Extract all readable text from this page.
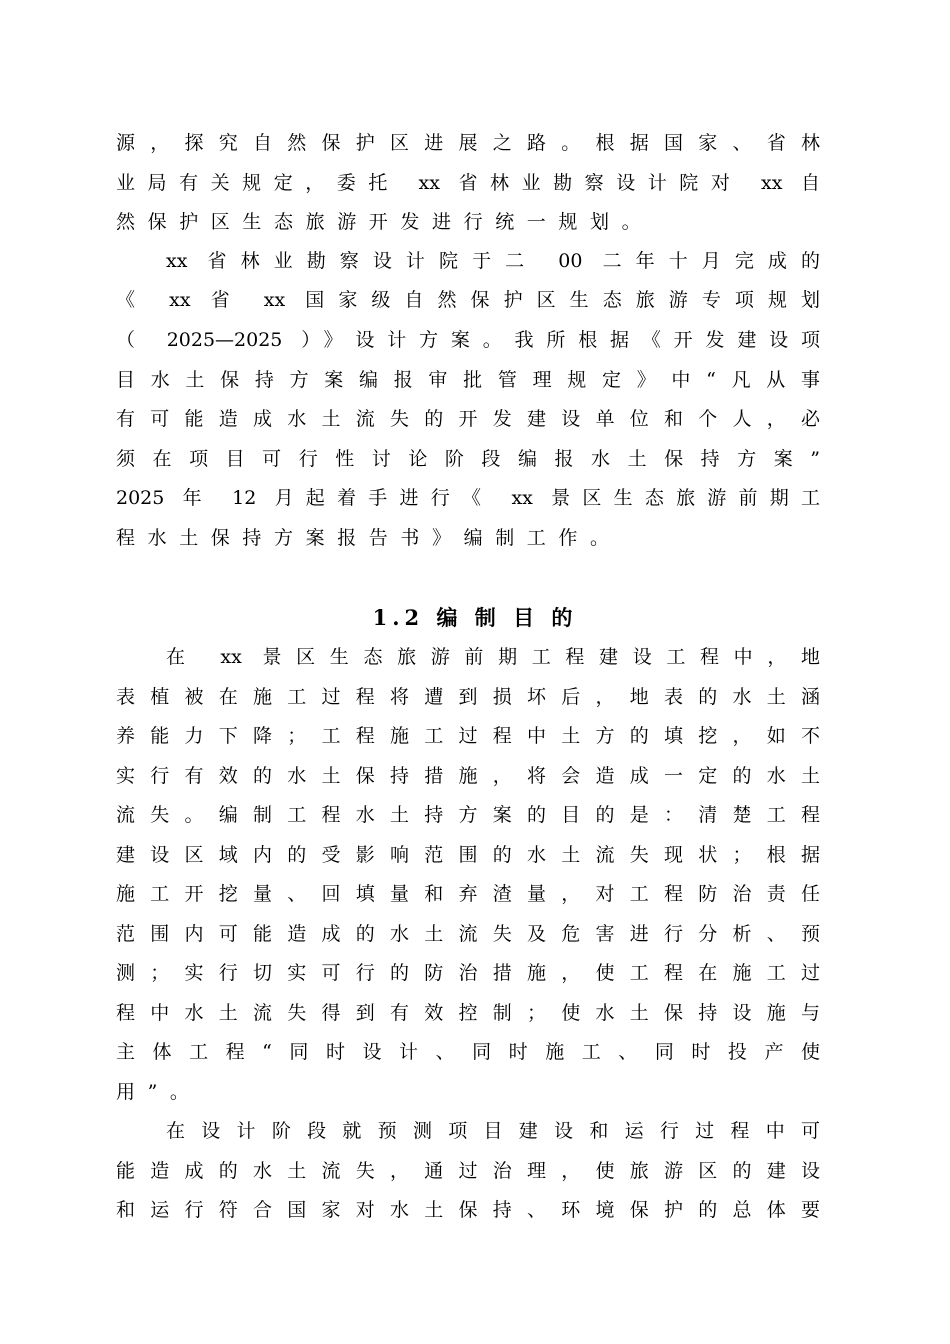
源，探究自然保护区进展之路。根据国家、省林
业局有关规定，委托 xx 省林业勘察设计院对 xx 自
然保护区生态旅游开发进行统一规划。
xx 省林业勘察设计院于二 00 二年十月完成的
《 xx 省 xx 国家级自然保护区生态旅游专项规划
（ 2025—2025 ）》设计方案。我所根据《开发建设项
目水土保持方案编报审批管理规定》中“凡从事
有可能造成水土流失的开发建设单位和个人，必
须在项目可行性讨论阶段编报水土保持方案”
2025 年 12 月起着手进行《 xx 景区生态旅游前期工
程水土保持方案报告书》编制工作。
1.2 编 制 目 的
在 xx 景区生态旅游前期工程建设工程中，地
表植被在施工过程将遭到损坏后，地表的水土涵
养能力下降；工程施工过程中土方的填挖，如不
实行有效的水土保持措施，将会造成一定的水土
流失。编制工程水土持方案的目的是：清楚工程
建设区域内的受影响范围的水土流失现状；根据
施工开挖量、回填量和弃渣量，对工程防治责任
范围内可能造成的水土流失及危害进行分析、预
测；实行切实可行的防治措施，使工程在施工过
程中水土流失得到有效控制；使水土保持设施与
主体工程“同时设计、同时施工、同时投产使
用”。
在设计阶段就预测项目建设和运行过程中可
能造成的水土流失，通过治理，使旅游区的建设
和运行符合国家对水土保持、环境保护的总体要
